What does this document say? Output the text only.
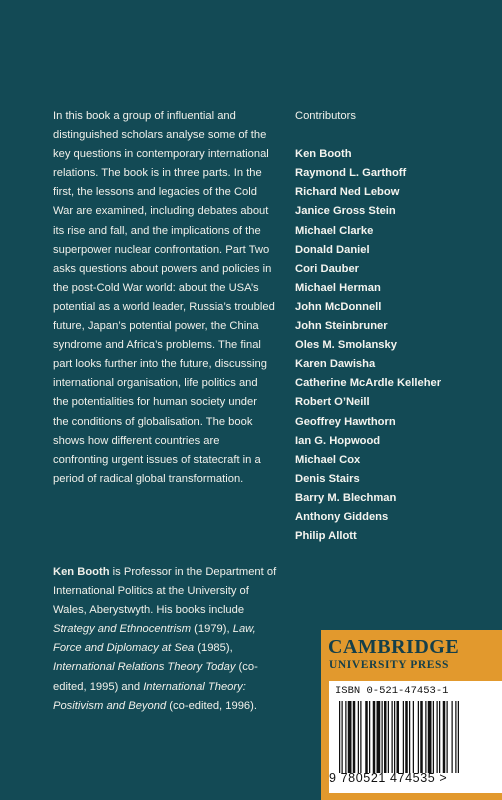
In this book a group of influential and distinguished scholars analyse some of the key questions in contemporary international relations. The book is in three parts. In the first, the lessons and legacies of the Cold War are examined, including debates about its rise and fall, and the implications of the superpower nuclear confrontation. Part Two asks questions about powers and policies in the post-Cold War world: about the USA’s potential as a world leader, Russia’s troubled future, Japan’s potential power, the China syndrome and Africa’s problems. The final part looks further into the future, discussing international organisation, life politics and the potentialities for human society under the conditions of globalisation. The book shows how different countries are confronting urgent issues of statecraft in a period of radical global transformation.

Ken Booth is Professor in the Department of International Politics at the University of Wales, Aberystwyth. His books include Strategy and Ethnocentrism (1979), Law, Force and Diplomacy at Sea (1985), International Relations Theory Today (co-edited, 1995) and International Theory: Positivism and Beyond (co-edited, 1996).

Contributors
Ken Booth
Raymond L. Garthoff
Richard Ned Lebow
Janice Gross Stein
Michael Clarke
Donald Daniel
Cori Dauber
Michael Herman
John McDonnell
John Steinbruner
Oles M. Smolansky
Karen Dawisha
Catherine McArdle Kelleher
Robert O’Neill
Geoffrey Hawthorn
Ian G. Hopwood
Michael Cox
Denis Stairs
Barry M. Blechman
Anthony Giddens
Philip Allott
CAMBRIDGE
UNIVERSITY PRESS
ISBN 0-521-47453-1
9 780521 474535 >
